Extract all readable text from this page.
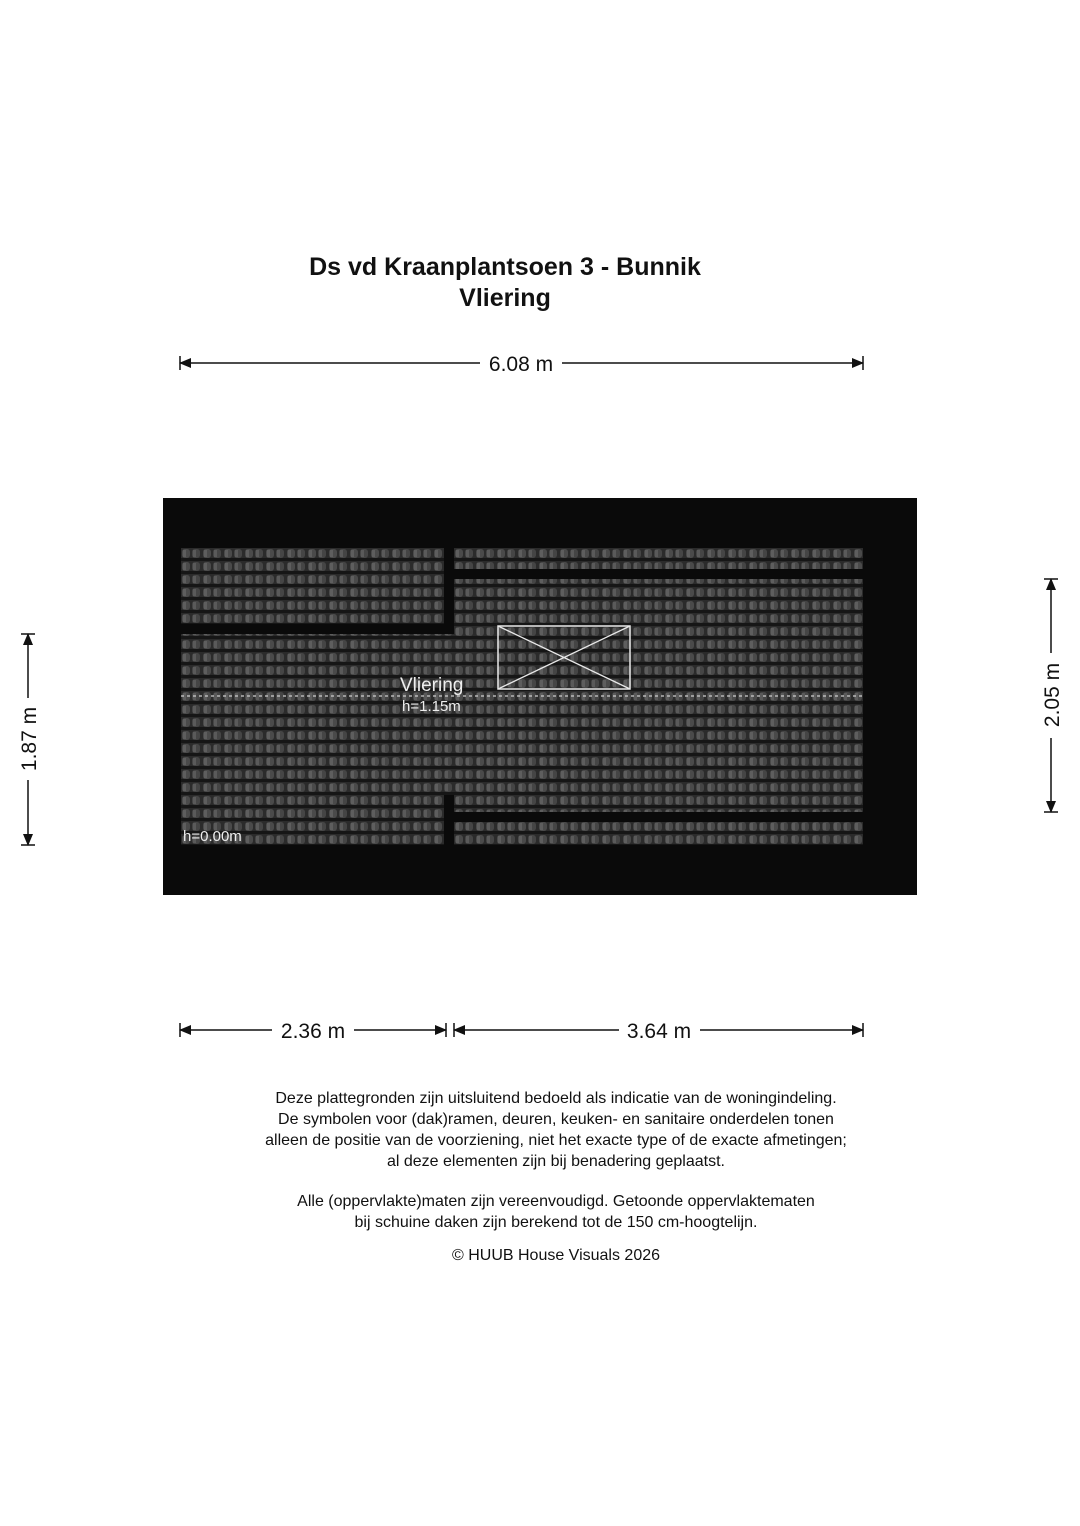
Ds vd Kraanplantsoen 3 - Bunnik
Vliering
6.08 m
Vliering
h=1.15m
h=0.00m
1.87 m
2.05 m
2.36 m	3.64 m

Deze plattegronden zijn uitsluitend bedoeld als indicatie van de woningindeling.

De symbolen voor (dak)ramen, deuren, keuken- en sanitaire onderdelen tonen

alleen de positie van de voorziening, niet het exacte type of de exacte afmetingen;

al deze elementen zijn bij benadering geplaatst.

Alle (oppervlakte)maten zijn vereenvoudigd. Getoonde oppervlaktematen

bij schuine daken zijn berekend tot de 150 cm-hoogtelijn.

© HUUB House Visuals 2026
